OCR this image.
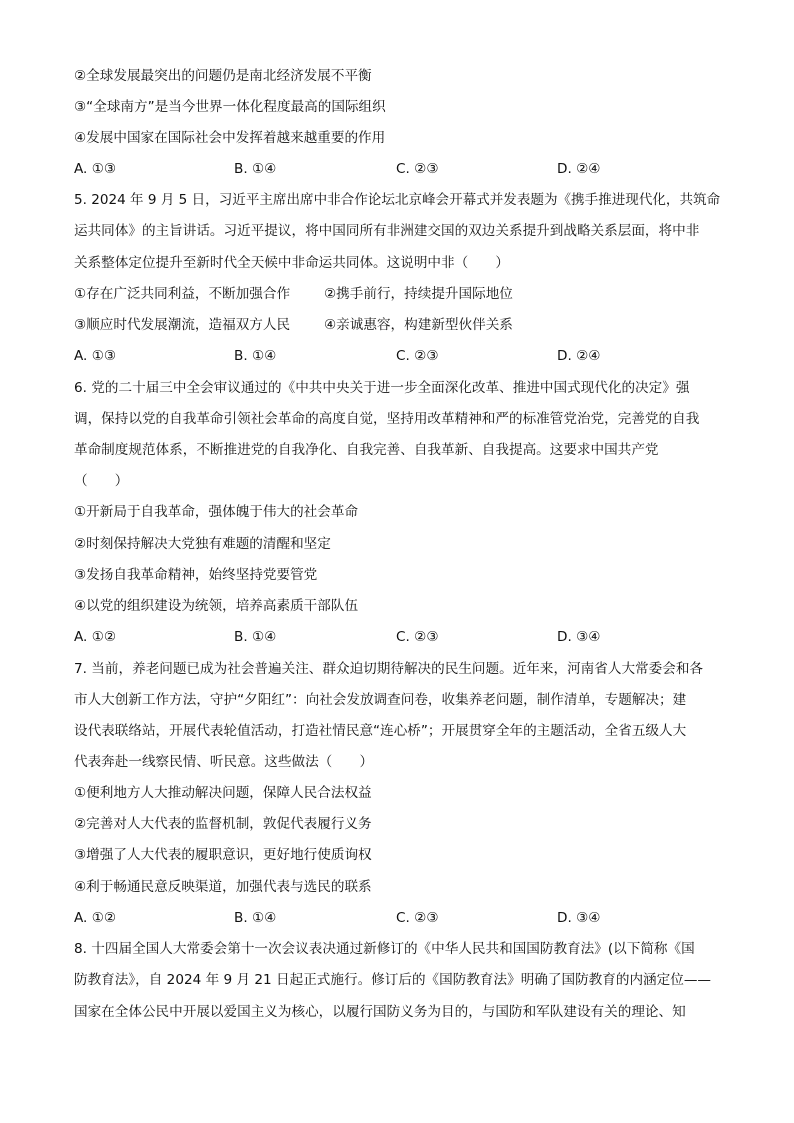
②全球发展最突出的问题仍是南北经济发展不平衡
③“全球南方”是当今世界一体化程度最高的国际组织
④发展中国家在国际社会中发挥着越来越重要的作用
A. ①③	B. ①④	C. ②③	D. ②④
5. 2024 年 9 月 5 日，习近平主席出席中非合作论坛北京峰会开幕式并发表题为《携手推进现代化，共筑命
运共同体》的主旨讲话。习近平提议，将中国同所有非洲建交国的双边关系提升到战略关系层面，将中非
关系整体定位提升至新时代全天候中非命运共同体。这说明中非（　　）
①存在广泛共同利益，不断加强合作 ②携手前行，持续提升国际地位
③顺应时代发展潮流，造福双方人民 ④亲诚惠容，构建新型伙伴关系
A. ①③	B. ①④	C. ②③	D. ②④
6. 党的二十届三中全会审议通过的《中共中央关于进一步全面深化改革、推进中国式现代化的决定》强
调，保持以党的自我革命引领社会革命的高度自觉，坚持用改革精神和严的标准管党治党，完善党的自我
革命制度规范体系，不断推进党的自我净化、自我完善、自我革新、自我提高。这要求中国共产党
（　　）
①开新局于自我革命，强体魄于伟大的社会革命
②时刻保持解决大党独有难题的清醒和坚定
③发扬自我革命精神，始终坚持党要管党
④以党的组织建设为统领，培养高素质干部队伍
A. ①②	B. ①④	C. ②③	D. ③④
7. 当前，养老问题已成为社会普遍关注、群众迫切期待解决的民生问题。近年来，河南省人大常委会和各
市人大创新工作方法，守护“夕阳红”：向社会发放调查问卷，收集养老问题，制作清单，专题解决；建
设代表联络站，开展代表轮值活动，打造社情民意“连心桥”；开展贯穿全年的主题活动，全省五级人大
代表奔赴一线察民情、听民意。这些做法（　　）
①便利地方人大推动解决问题，保障人民合法权益
②完善对人大代表的监督机制，敦促代表履行义务
③增强了人大代表的履职意识，更好地行使质询权
④利于畅通民意反映渠道，加强代表与选民的联系
A. ①②	B. ①④	C. ②③	D. ③④
8. 十四届全国人大常委会第十一次会议表决通过新修订的《中华人民共和国国防教育法》(以下简称《国
防教育法》，自 2024 年 9 月 21 日起正式施行。修订后的《国防教育法》明确了国防教育的内涵定位——
国家在全体公民中开展以爱国主义为核心，以履行国防义务为目的，与国防和军队建设有关的理论、知
